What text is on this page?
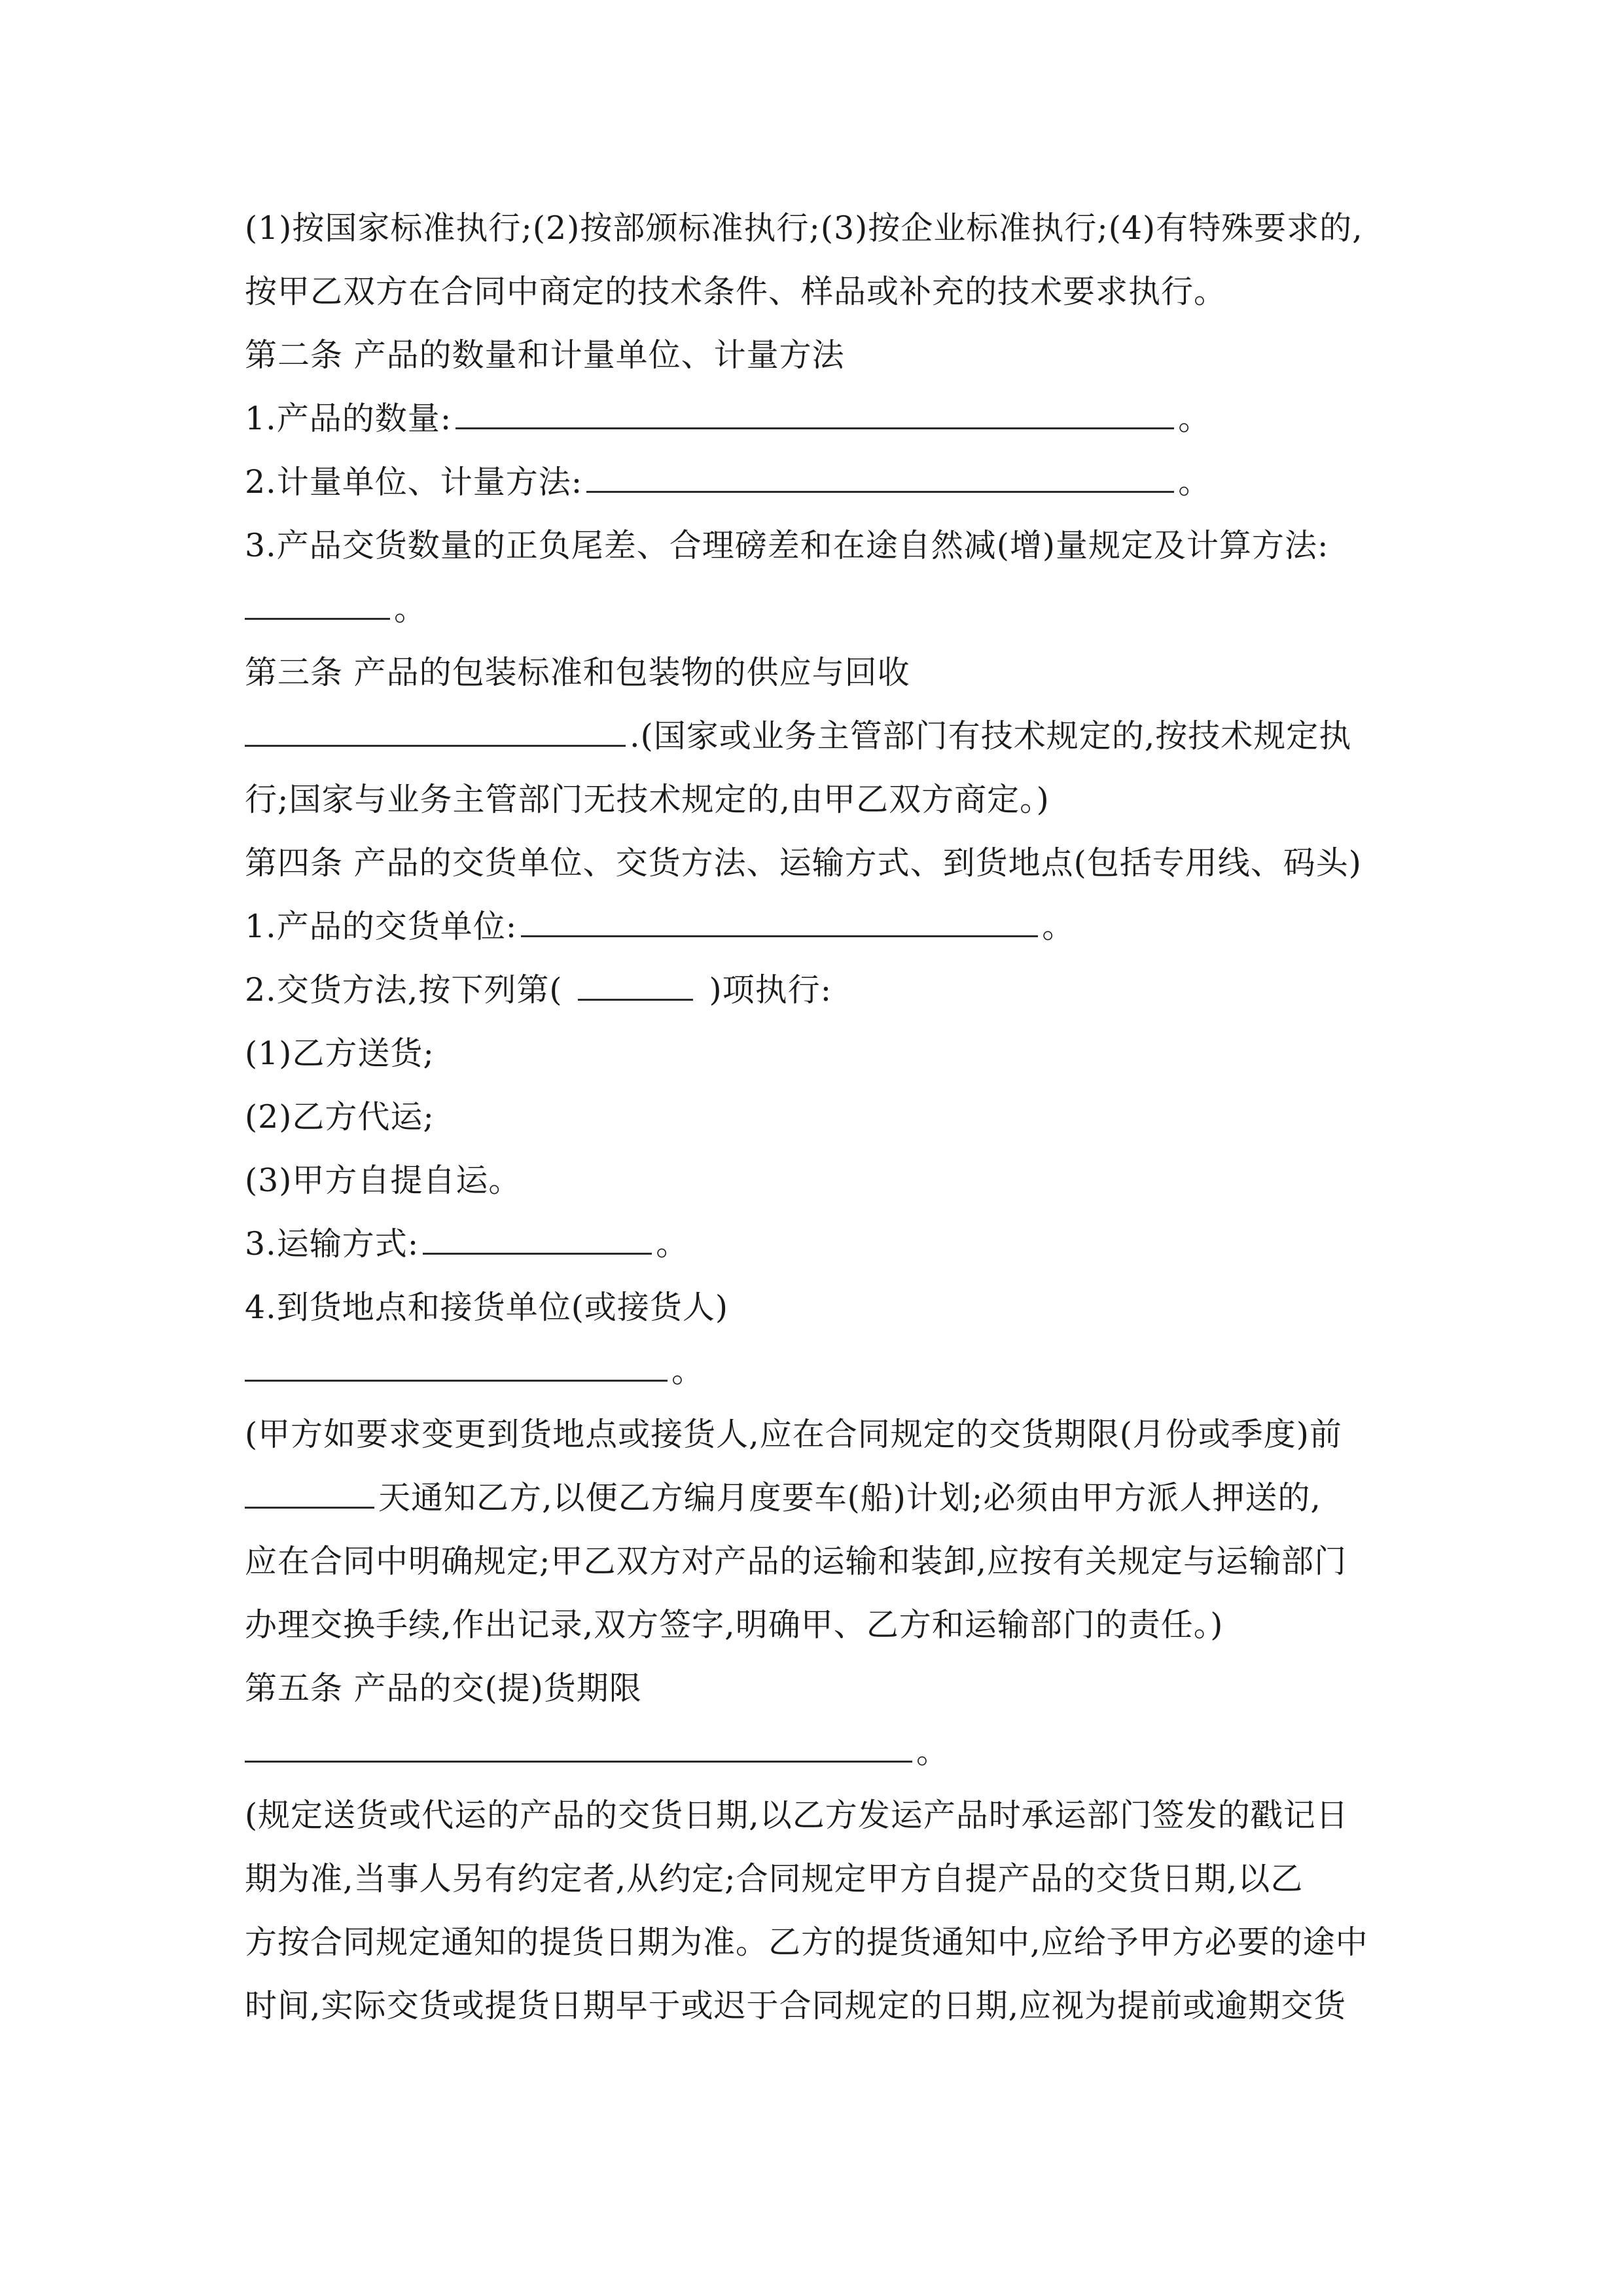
(1)按国家标准执行;(2)按部颁标准执行;(3)按企业标准执行;(4)有特殊要求的,
按甲乙双方在合同中商定的技术条件、样品或补充的技术要求执行。
第二条 产品的数量和计量单位、计量方法
1.产品的数量:	。
2.计量单位、计量方法:	。
3.产品交货数量的正负尾差、合理磅差和在途自然减(增)量规定及计算方法:
。
第三条 产品的包装标准和包装物的供应与回收
.(国家或业务主管部门有技术规定的,按技术规定执
行;国家与业务主管部门无技术规定的,由甲乙双方商定。)
第四条 产品的交货单位、交货方法、运输方式、到货地点(包括专用线、码头)
1.产品的交货单位:	。
2.交货方法,按下列第(	)项执行:
(1)乙方送货;
(2)乙方代运;
(3)甲方自提自运。
3.运输方式:	。
4.到货地点和接货单位(或接货人)
。
(甲方如要求变更到货地点或接货人,应在合同规定的交货期限(月份或季度)前
天通知乙方,以便乙方编月度要车(船)计划;必须由甲方派人押送的,
应在合同中明确规定;甲乙双方对产品的运输和装卸,应按有关规定与运输部门
办理交换手续,作出记录,双方签字,明确甲、乙方和运输部门的责任。)
第五条 产品的交(提)货期限
。
(规定送货或代运的产品的交货日期,以乙方发运产品时承运部门签发的戳记日
期为准,当事人另有约定者,从约定;合同规定甲方自提产品的交货日期,以乙
方按合同规定通知的提货日期为准。乙方的提货通知中,应给予甲方必要的途中
时间,实际交货或提货日期早于或迟于合同规定的日期,应视为提前或逾期交货
